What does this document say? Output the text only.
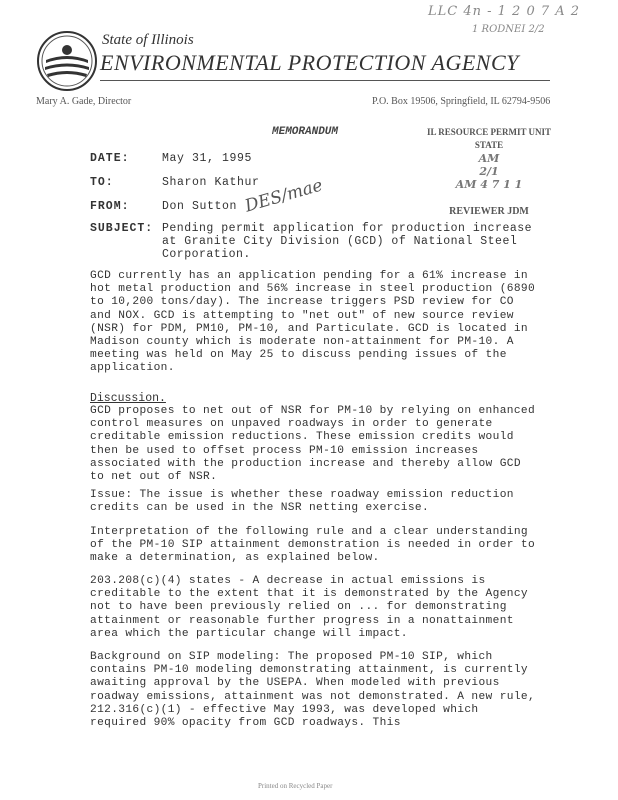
LLC 4n - 1 2 0 7 A 2
1 RODNEI 2/2
State of Illinois
ENVIRONMENTAL PROTECTION AGENCY
Mary A. Gade, Director	P.O. Box 19506, Springfield, IL 62794-9506
MEMORANDUM	IL RESOURCE PERMIT UNIT
STATE
AM
2/1
AM 4 7 1 1
REVIEWER JDM
DATE:	May 31, 1995
TO:	Sharon Kathur
FROM:	Don Sutton DES/mae
SUBJECT: Pending permit application for production increase at Granite City Division (GCD) of National Steel Corporation.
GCD currently has an application pending for a 61% increase in hot metal production and 56% increase in steel production (6890 to 10,200 tons/day). The increase triggers PSD review for CO and NOX. GCD is attempting to "net out" of new source review (NSR) for PDM, PM10, PM-10, and Particulate. GCD is located in Madison county which is moderate non-attainment for PM-10. A meeting was held on May 25 to discuss pending issues of the application.
Discussion.
GCD proposes to net out of NSR for PM-10 by relying on enhanced control measures on unpaved roadways in order to generate creditable emission reductions. These emission credits would then be used to offset process PM-10 emission increases associated with the production increase and thereby allow GCD to net out of NSR.
Issue: The issue is whether these roadway emission reduction credits can be used in the NSR netting exercise.
Interpretation of the following rule and a clear understanding of the PM-10 SIP attainment demonstration is needed in order to make a determination, as explained below.
203.208(c)(4) states - A decrease in actual emissions is creditable to the extent that it is demonstrated by the Agency not to have been previously relied on ... for demonstrating attainment or reasonable further progress in a nonattainment area which the particular change will impact.
Background on SIP modeling: The proposed PM-10 SIP, which contains PM-10 modeling demonstrating attainment, is currently awaiting approval by the USEPA. When modeled with previous roadway emissions, attainment was not demonstrated. A new rule, 212.316(c)(1) - effective May 1993, was developed which required 90% opacity from GCD roadways. This
Printed on Recycled Paper
